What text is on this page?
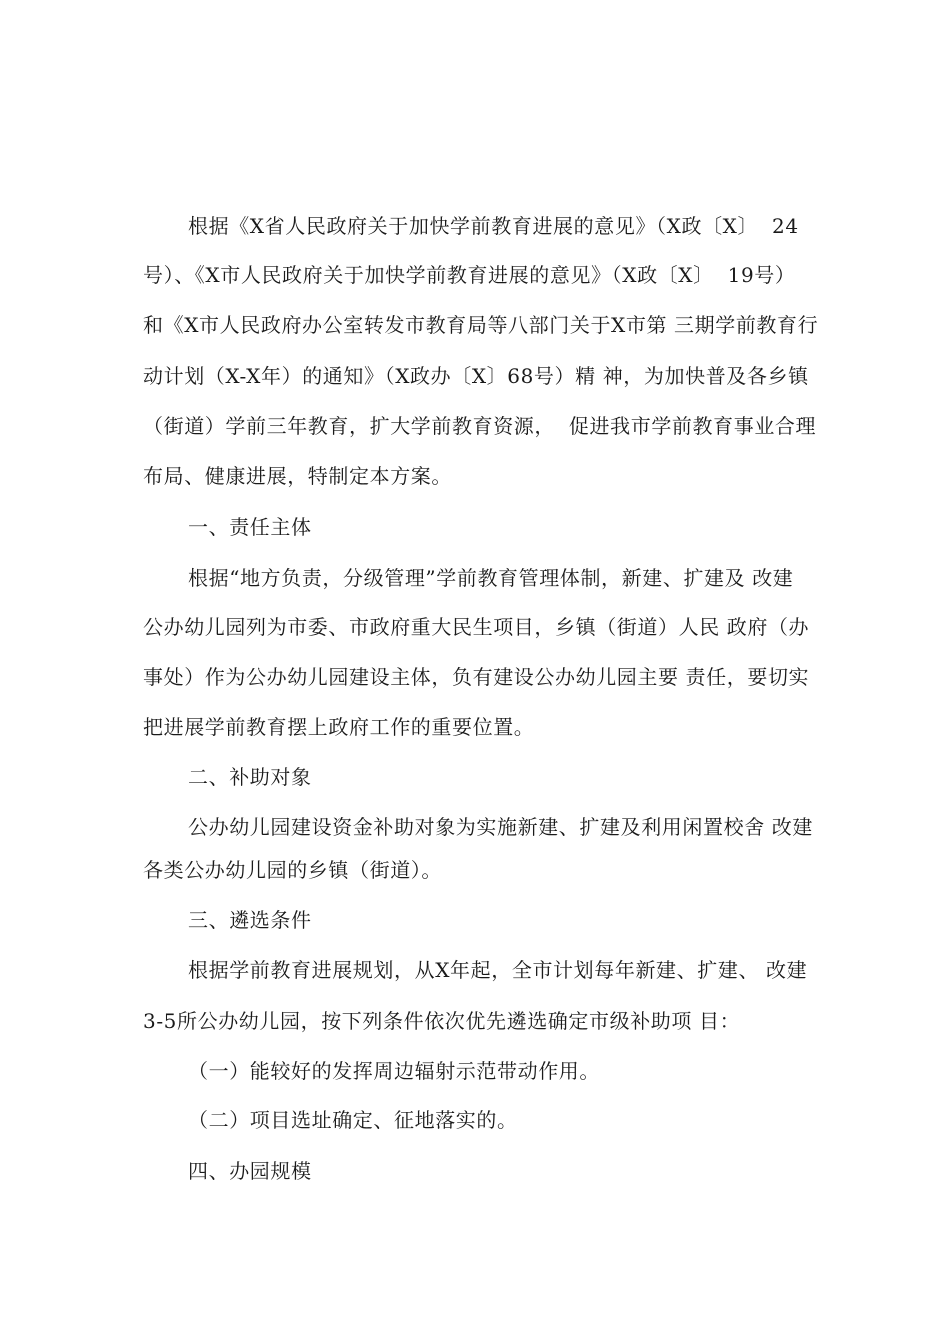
根据《X省人民政府关于加快学前教育进展的意见》（X政〔X〕  24
号）、《X市人民政府关于加快学前教育进展的意见》（X政〔X〕  19号）
和《X市人民政府办公室转发市教育局等八部门关于X市第 三期学前教育行
动计划（X-X年）的通知》（X政办〔X〕68号）精 神，为加快普及各乡镇
（街道）学前三年教育，扩大学前教育资源，  促进我市学前教育事业合理
布局、健康进展，特制定本方案。
一、责任主体
根据“地方负责，分级管理”学前教育管理体制，新建、扩建及 改建
公办幼儿园列为市委、市政府重大民生项目，乡镇（街道）人民 政府（办
事处）作为公办幼儿园建设主体，负有建设公办幼儿园主要 责任，要切实
把进展学前教育摆上政府工作的重要位置。
二、补助对象
公办幼儿园建设资金补助对象为实施新建、扩建及利用闲置校舍 改建
各类公办幼儿园的乡镇（街道）。
三、遴选条件
根据学前教育进展规划，从X年起，全市计划每年新建、扩建、 改建
3-5所公办幼儿园，按下列条件依次优先遴选确定市级补助项 目：
（一）能较好的发挥周边辐射示范带动作用。
（二）项目选址确定、征地落实的。
四、办园规模
